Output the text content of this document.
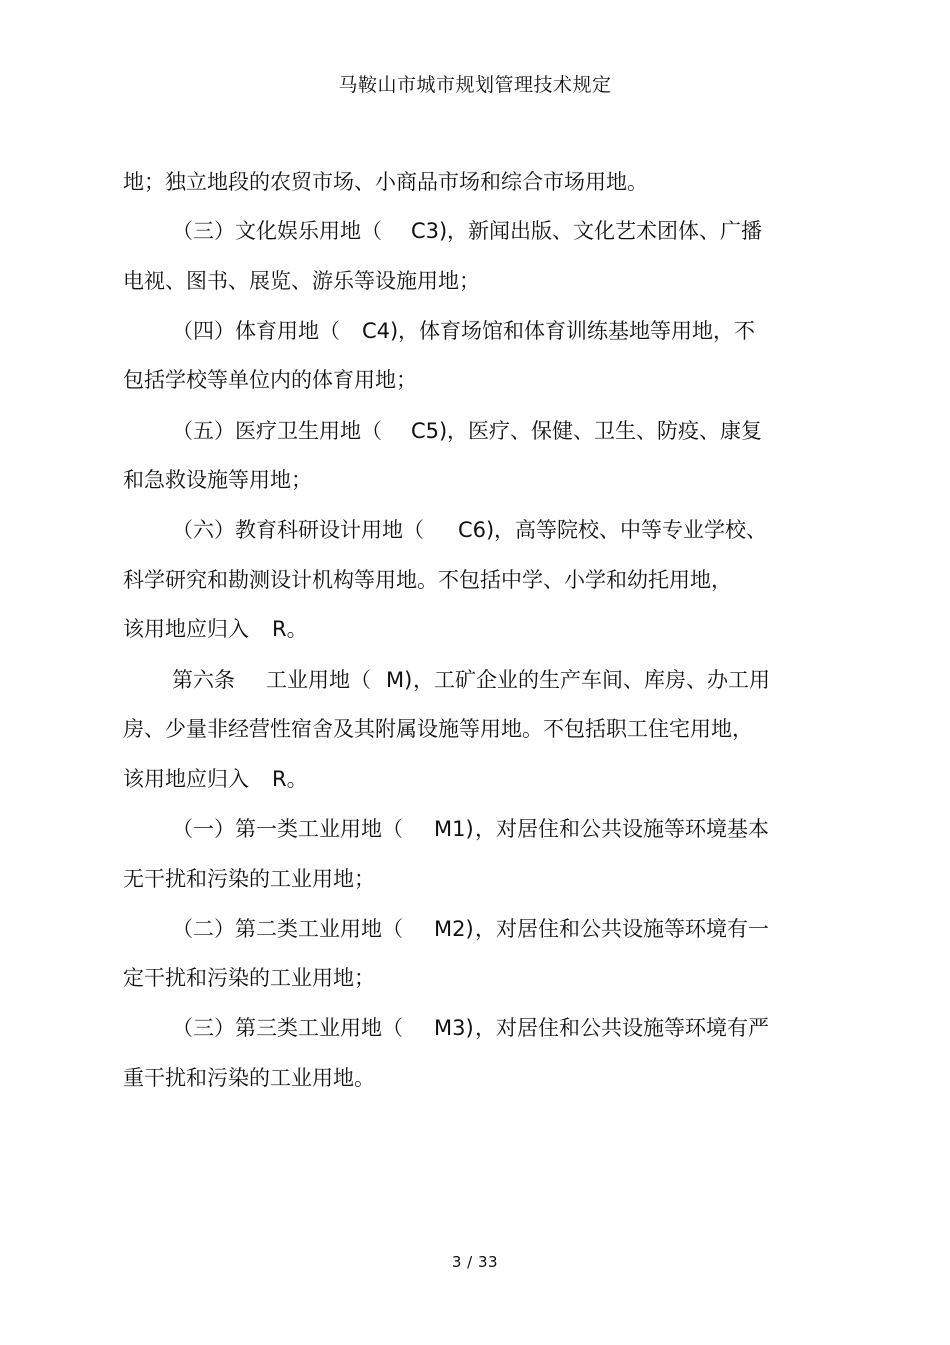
马鞍山市城市规划管理技术规定
地；独立地段的农贸市场、小商品市场和综合市场用地。
（三）文化娱乐用地（ C3) ，新闻出版、文化艺术团体、广播
电视、图书、展览、游乐等设施用地；
（四）体育用地（ C4) ，体育场馆和体育训练基地等用地，不
包括学校等单位内的体育用地；
（五）医疗卫生用地（ C5) ，医疗、保健、卫生、防疫、康复
和急救设施等用地；
（六）教育科研设计用地（ C6) ，高等院校、中等专业学校、
科学研究和勘测设计机构等用地。不包括中学、小学和幼托用地，
该用地应归入 R。
第六条 工业用地（ M) ，工矿企业的生产车间、库房、办工用
房、少量非经营性宿舍及其附属设施等用地。不包括职工住宅用地，
该用地应归入 R。
（一）第一类工业用地（ M1) ，对居住和公共设施等环境基本
无干扰和污染的工业用地；
（二）第二类工业用地（ M2) ，对居住和公共设施等环境有一
定干扰和污染的工业用地；
（三）第三类工业用地（ M3) ，对居住和公共设施等环境有严
重干扰和污染的工业用地。
3 / 33
